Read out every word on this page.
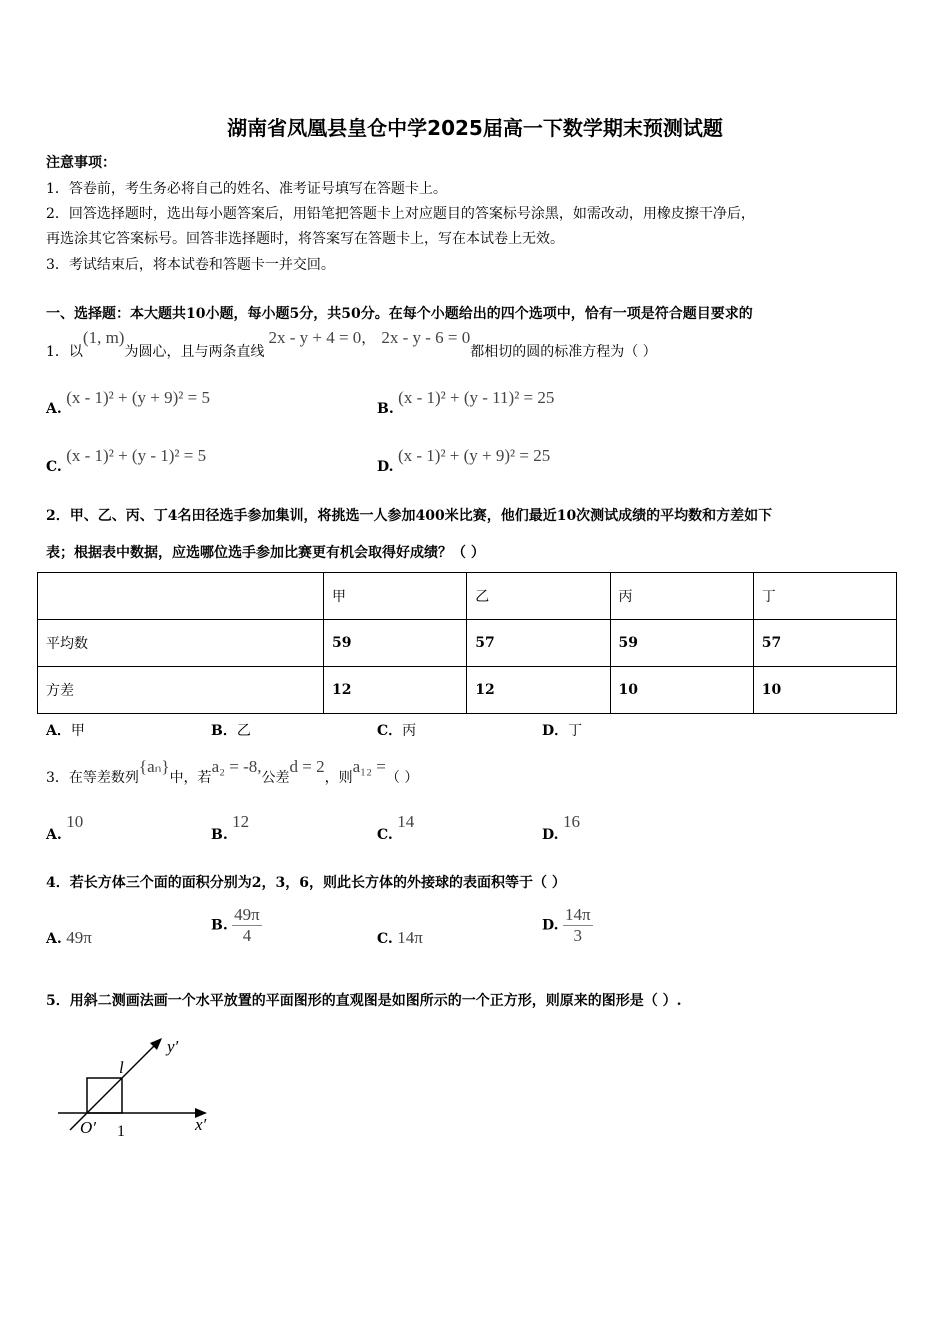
湖南省凤凰县皇仓中学2025届高一下数学期末预测试题
注意事项：
1．答卷前，考生务必将自己的姓名、准考证号填写在答题卡上。
2．回答选择题时，选出每小题答案后，用铅笔把答题卡上对应题目的答案标号涂黑，如需改动，用橡皮擦干净后，
再选涂其它答案标号。回答非选择题时，将答案写在答题卡上，写在本试卷上无效。
3．考试结束后，将本试卷和答题卡一并交回。
一、选择题：本大题共10小题，每小题5分，共50分。在每个小题给出的四个选项中，恰有一项是符合题目要求的
1．以(1, m)为圆心，且与两条直线2x - y + 4 = 0， 2x - y - 6 = 0都相切的圆的标准方程为（ ）
A. (x - 1)² + (y + 9)² = 5
B. (x - 1)² + (y - 11)² = 25
C. (x - 1)² + (y - 1)² = 5
D. (x - 1)² + (y + 9)² = 25
2．甲、乙、丙、丁4名田径选手参加集训，将挑选一人参加400米比赛，他们最近10次测试成绩的平均数和方差如下
表；根据表中数据，应选哪位选手参加比赛更有机会取得好成绩？（ ）
	甲	乙	丙	丁
平均数	59	57	59	57
方差	12	12	10	10
A．甲	B．乙	C．丙	D．丁
3．在等差数列{aₙ}中，若a₂ = -8,公差d = 2，则a₁₂ =（ ）
A. 10
B. 12
C. 14
D. 16
4．若长方体三个面的面积分别为2，3，6，则此长方体的外接球的表面积等于（ ）
A. 49π
B. $\frac{49\pi}{4}$	C. 14π
D. $\frac{14\pi}{3}$
5．用斜二测画法画一个水平放置的平面图形的直观图是如图所示的一个正方形，则原来的图形是（ ）.
y′
x′
O′
l
1
